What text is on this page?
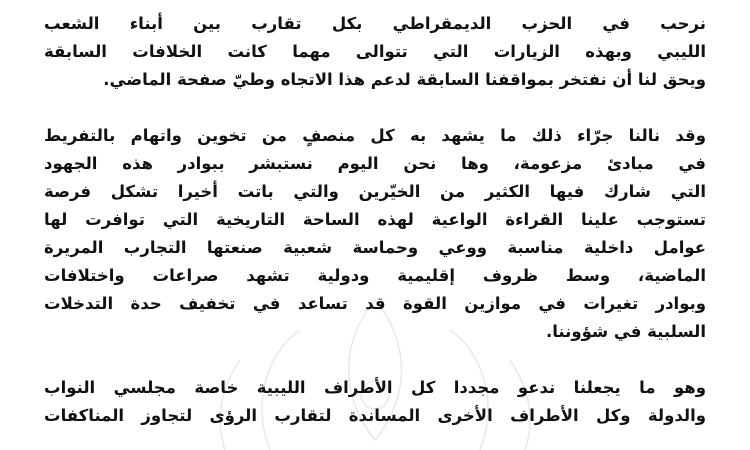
نرحب في الحزب الديمقراطي بكل تقارب بين أبناء الشعب
الليبي وبهذه الزيارات التي تتوالى مهما كانت الخلافات السابقة
ويحق لنا أن نفتخر بمواقفنا السابقة لدعم هذا الاتجاه وطيّ صفحة الماضي.
وقد نالنا جرّاء ذلك ما يشهد به كل منصفٍ من تخوين واتهام بالتفريط
في مبادئ مزعومة، وها نحن اليوم نستبشر ببوادر هذه الجهود
التي شارك فيها الكثير من الخيّرين والتي باتت أخيرا تشكل فرصة
تستوجب علينا القراءة الواعية لهذه الساحة التاريخية التي توافرت لها
عوامل داخلية مناسبة ووعي وحماسة شعبية صنعتها التجارب المريرة
الماضية، وسط ظروف إقليمية ودولية تشهد صراعات واختلافات
وبوادر تغيرات في موازين القوة قد تساعد في تخفيف حدة التدخلات
السلبية في شؤوننا.
وهو ما يجعلنا ندعو مجددا كل الأطراف الليبية خاصة مجلسي النواب
والدولة وكل الأطراف الأخرى المساندة لتقارب الرؤى لتجاوز المناكفات
